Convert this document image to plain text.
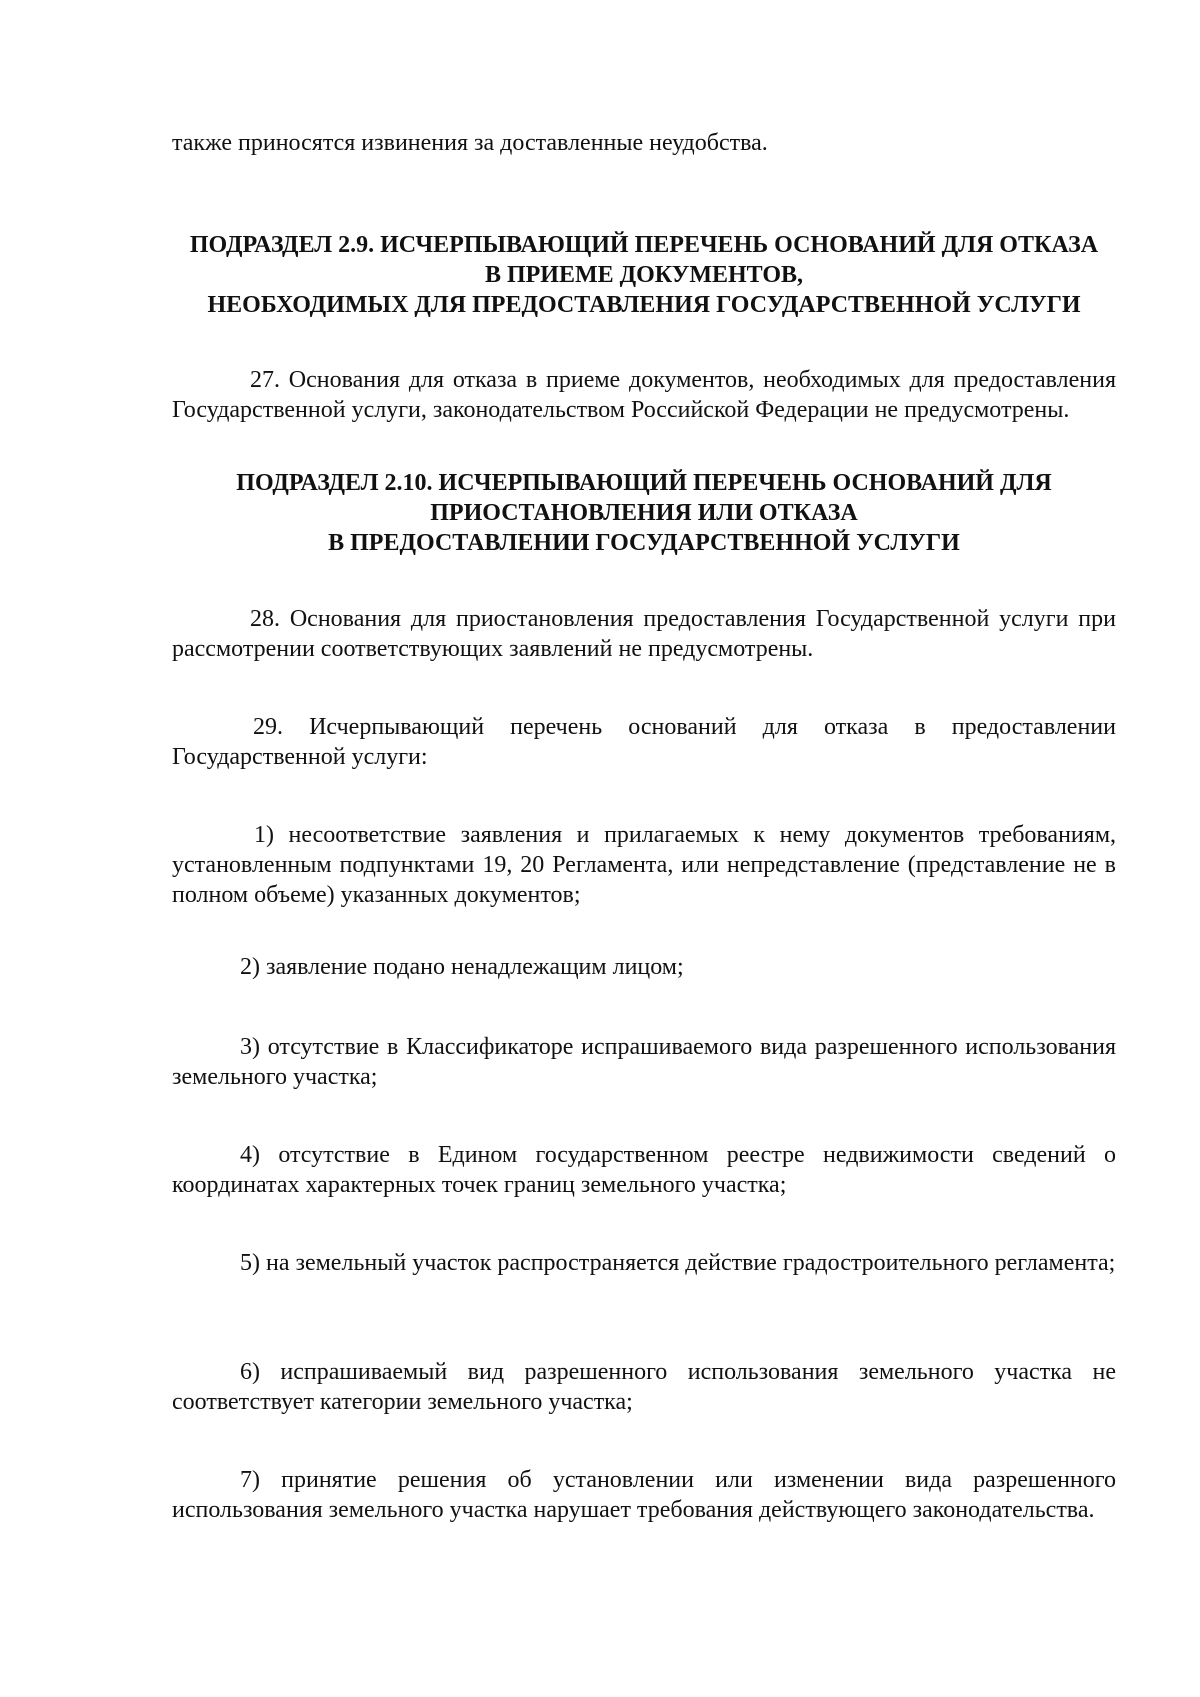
также приносятся извинения за доставленные неудобства.

ПОДРАЗДЕЛ 2.9. ИСЧЕРПЫВАЮЩИЙ ПЕРЕЧЕНЬ ОСНОВАНИЙ ДЛЯ ОТКАЗА
В ПРИЕМЕ ДОКУМЕНТОВ,
НЕОБХОДИМЫХ ДЛЯ ПРЕДОСТАВЛЕНИЯ ГОСУДАРСТВЕННОЙ УСЛУГИ

27. Основания для отказа в приеме документов, необходимых для предоставления Государственной услуги, законодательством Российской Федерации не предусмотрены.

ПОДРАЗДЕЛ 2.10. ИСЧЕРПЫВАЮЩИЙ ПЕРЕЧЕНЬ ОСНОВАНИЙ ДЛЯ
ПРИОСТАНОВЛЕНИЯ ИЛИ ОТКАЗА
В ПРЕДОСТАВЛЕНИИ ГОСУДАРСТВЕННОЙ УСЛУГИ

28. Основания для приостановления предоставления Государственной услуги при рассмотрении соответствующих заявлений не предусмотрены.

29. Исчерпывающий перечень оснований для отказа в предоставлении Государственной услуги:

1) несоответствие заявления и прилагаемых к нему документов требованиям, установленным подпунктами 19, 20 Регламента, или непредставление (представление не в полном объеме) указанных документов;

2) заявление подано ненадлежащим лицом;

3) отсутствие в Классификаторе испрашиваемого вида разрешенного использования земельного участка;

4) отсутствие в Едином государственном реестре недвижимости сведений о координатах характерных точек границ земельного участка;

5) на земельный участок распространяется действие градостроительного регламента;

6) испрашиваемый вид разрешенного использования земельного участка не соответствует категории земельного участка;

7) принятие решения об установлении или изменении вида разрешенного использования земельного участка нарушает требования действующего законодательства.
